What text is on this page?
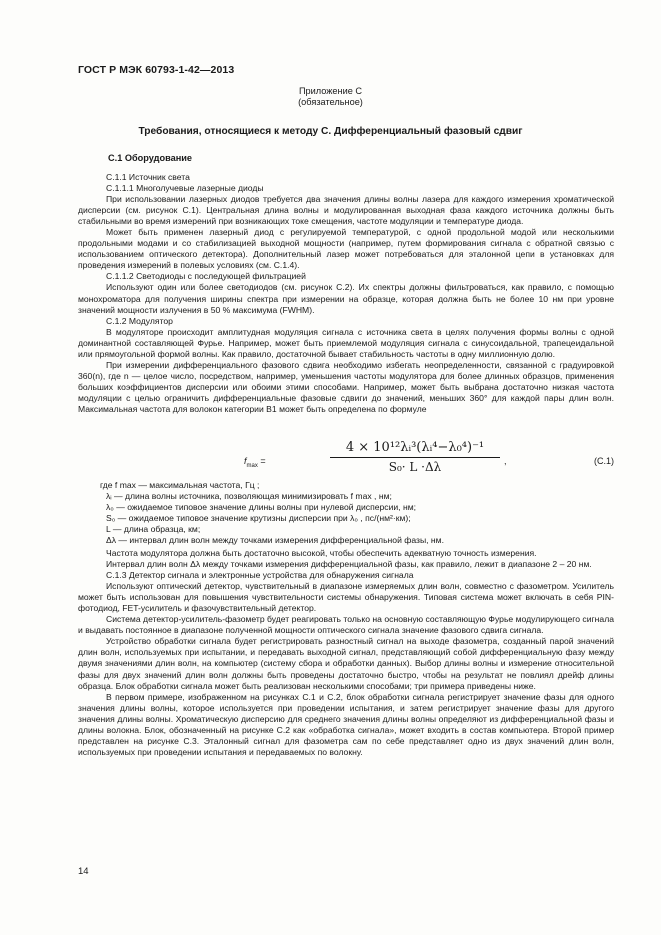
ГОСТ Р МЭК 60793-1-42—2013
Приложение С
(обязательное)
Требования, относящиеся к методу С. Дифференциальный фазовый сдвиг
С.1 Оборудование

С.1.1 Источник света

С.1.1.1 Многолучевые лазерные диоды

При использовании лазерных диодов требуется два значения длины волны лазера для каждого измерения хроматической дисперсии (см. рисунок С.1). Центральная длина волны и модулированная выходная фаза каждого источника должны быть стабильными во время измерений при возникающих токе смещения, частоте модуляции и температуре диода.

Может быть применен лазерный диод с регулируемой температурой, с одной продольной модой или несколькими продольными модами и со стабилизацией выходной мощности (например, путем формирования сигнала с обратной связью с использованием оптического детектора). Дополнительный лазер может потребоваться для эталонной цепи в установках для проведения измерений в полевых условиях (см. С.1.4).

С.1.1.2 Светодиоды с последующей фильтрацией

Используют один или более светодиодов (см. рисунок С.2). Их спектры должны фильтроваться, как правило, с помощью монохроматора для получения ширины спектра при измерении на образце, которая должна быть не более 10 нм при уровне значений мощности излучения в 50 % максимума (FWHM).

С.1.2 Модулятор

В модуляторе происходит амплитудная модуляция сигнала с источника света в целях получения формы волны с одной доминантной составляющей Фурье. Например, может быть приемлемой модуляция сигнала с синусоидальной, трапецеидальной или прямоугольной формой волны. Как правило, достаточной бывает стабильность частоты в одну миллионную долю.

При измерении дифференциального фазового сдвига необходимо избегать неопределенности, связанной с градуировкой 360(n), где n — целое число, посредством, например, уменьшения частоты модулятора для более длинных образцов, применения больших коэффициентов дисперсии или обоими этими способами. Например, может быть выбрана достаточно низкая частота модуляции с целью ограничить дифференциальные фазовые сдвиги до значений, меньших 360° для каждой пары длин волн. Максимальная частота для волокон категории В1 может быть определена по формуле

$f_{max}$ =	$\frac{\text{4 × 10¹²λᵢ³(λᵢ⁴−λ₀⁴)⁻¹}}{\text{S₀· L ·Δλ}}$ ,	(С.1)
где f max — максимальная частота, Гц ;
λᵢ — длина волны источника, позволяющая минимизировать f max , нм;
λ₀ — ожидаемое типовое значение длины волны при нулевой дисперсии, нм;
S₀ — ожидаемое типовое значение крутизны дисперсии при λ₀ , пс/(нм²·км);
L — длина образца, км;
Δλ — интервал длин волн между точками измерения дифференциальной фазы, нм.

Частота модулятора должна быть достаточно высокой, чтобы обеспечить адекватную точность измерения.

Интервал длин волн Δλ между точками измерения дифференциальной фазы, как правило, лежит в диапазоне 2 – 20 нм.

С.1.3 Детектор сигнала и электронные устройства для обнаружения сигнала

Используют оптический детектор, чувствительный в диапазоне измеряемых длин волн, совместно с фазометром. Усилитель может быть использован для повышения чувствительности системы обнаружения. Типовая система может включать в себя PIN-фотодиод, FET-усилитель и фазочувствительный детектор.

Система детектор-усилитель-фазометр будет реагировать только на основную составляющую Фурье модулирующего сигнала и выдавать постоянное в диапазоне полученной мощности оптического сигнала значение фазового сдвига сигнала.

Устройство обработки сигнала будет регистрировать разностный сигнал на выходе фазометра, созданный парой значений длин волн, используемых при испытании, и передавать выходной сигнал, представляющий собой дифференциальную фазу между двумя значениями длин волн, на компьютер (систему сбора и обработки данных). Выбор длины волны и измерение относительной фазы для двух значений длин волн должны быть проведены достаточно быстро, чтобы на результат не повлиял дрейф длины образца. Блок обработки сигнала может быть реализован несколькими способами; три примера приведены ниже.

В первом примере, изображенном на рисунках С.1 и С.2, блок обработки сигнала регистрирует значение фазы для одного значения длины волны, которое используется при проведении испытания, и затем регистрирует значение фазы для другого значения длины волны. Хроматическую дисперсию для среднего значения длины волны определяют из дифференциальной фазы и длины волокна. Блок, обозначенный на рисунке С.2 как «обработка сигнала», может входить в состав компьютера. Второй пример представлен на рисунке С.3. Эталонный сигнал для фазометра сам по себе представляет одно из двух значений длин волн, используемых при проведении испытания и передаваемых по волокну.

14
